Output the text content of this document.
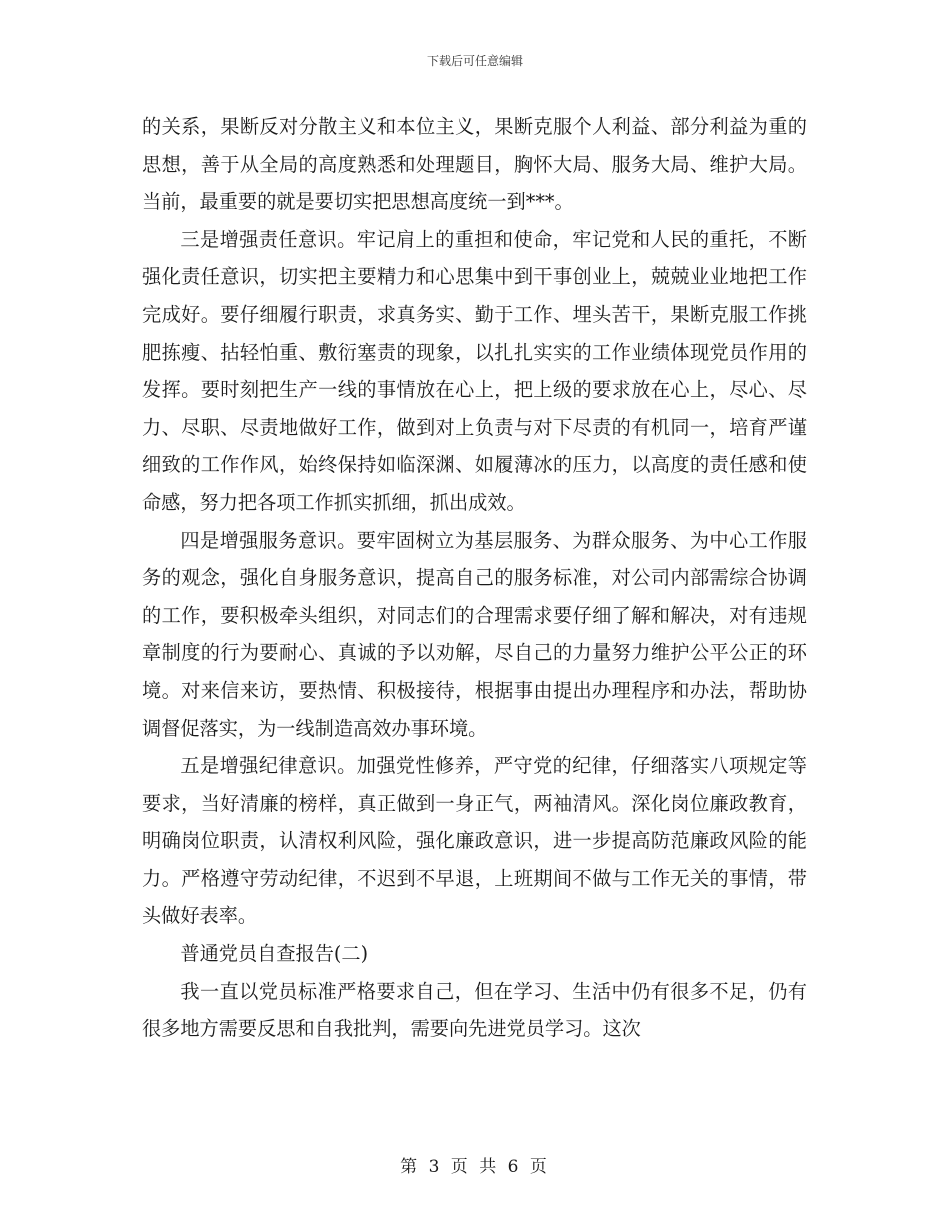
下载后可任意编辑

的关系，果断反对分散主义和本位主义，果断克服个人利益、部分利益为重的思想，善于从全局的高度熟悉和处理题目，胸怀大局、服务大局、维护大局。当前，最重要的就是要切实把思想高度统一到***。

三是增强责任意识。牢记肩上的重担和使命，牢记党和人民的重托，不断强化责任意识，切实把主要精力和心思集中到干事创业上，兢兢业业地把工作完成好。要仔细履行职责，求真务实、勤于工作、埋头苦干，果断克服工作挑肥拣瘦、拈轻怕重、敷衍塞责的现象，以扎扎实实的工作业绩体现党员作用的发挥。要时刻把生产一线的事情放在心上，把上级的要求放在心上，尽心、尽力、尽职、尽责地做好工作，做到对上负责与对下尽责的有机同一，培育严谨细致的工作作风，始终保持如临深渊、如履薄冰的压力，以高度的责任感和使命感，努力把各项工作抓实抓细，抓出成效。

四是增强服务意识。要牢固树立为基层服务、为群众服务、为中心工作服务的观念，强化自身服务意识，提高自己的服务标准，对公司内部需综合协调的工作，要积极牵头组织，对同志们的合理需求要仔细了解和解决，对有违规章制度的行为要耐心、真诚的予以劝解，尽自己的力量努力维护公平公正的环境。对来信来访，要热情、积极接待，根据事由提出办理程序和办法，帮助协调督促落实，为一线制造高效办事环境。

五是增强纪律意识。加强党性修养，严守党的纪律，仔细落实八项规定等要求，当好清廉的榜样，真正做到一身正气，两袖清风。深化岗位廉政教育，明确岗位职责，认清权利风险，强化廉政意识，进一步提高防范廉政风险的能力。严格遵守劳动纪律，不迟到不早退，上班期间不做与工作无关的事情，带头做好表率。

普通党员自查报告(二)

我一直以党员标准严格要求自己，但在学习、生活中仍有很多不足，仍有很多地方需要反思和自我批判，需要向先进党员学习。这次

第 3 页 共 6 页
